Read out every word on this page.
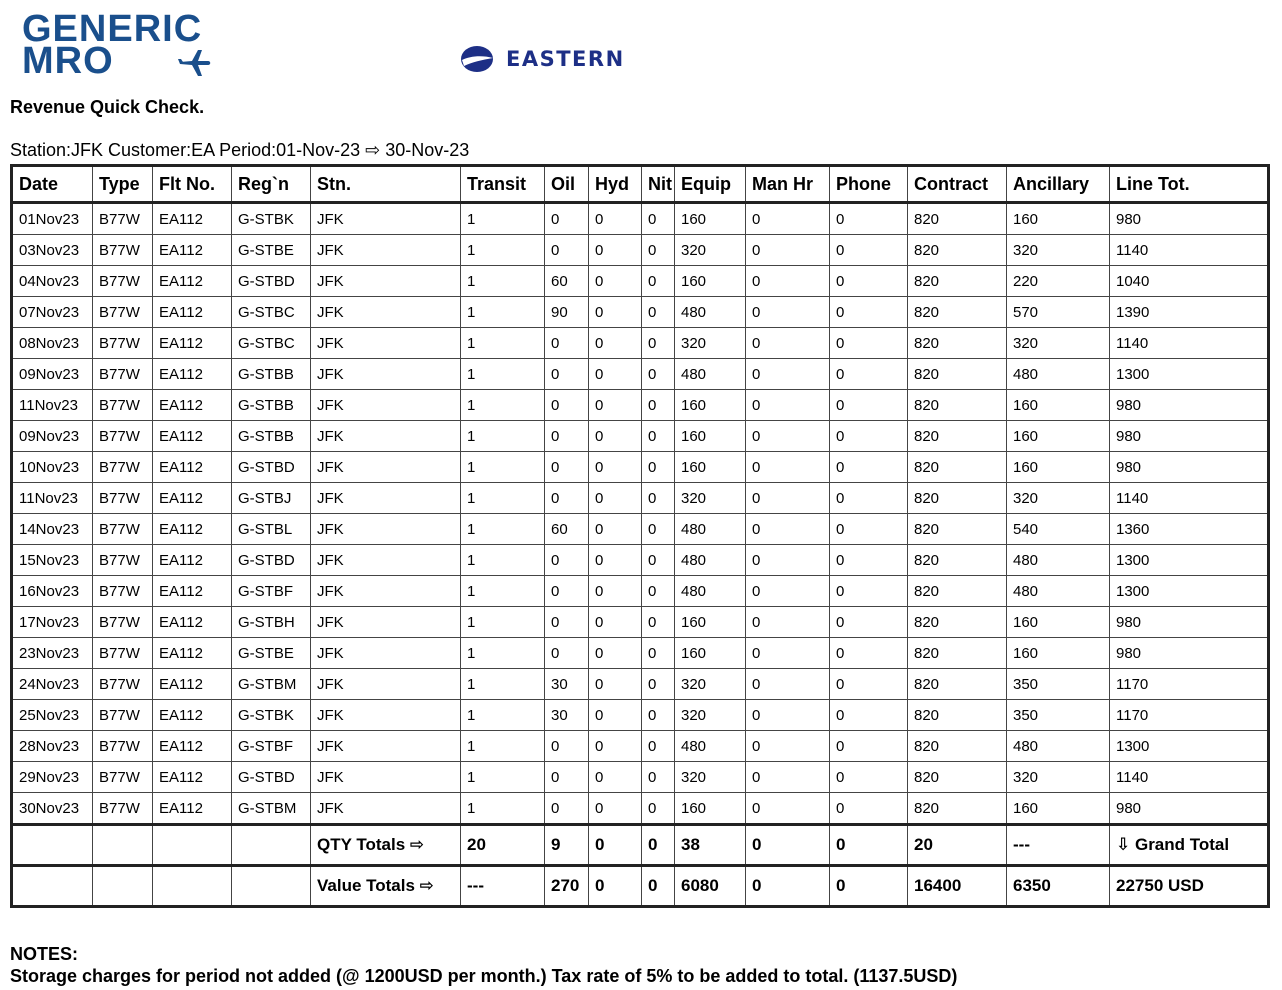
GENERIC
MRO	EASTERN
Revenue Quick Check.
Station:JFK Customer:EA Period:01-Nov-23 ⇨ 30-Nov-23
Date	Type	Flt No.	Reg`n	Stn.	Transit	Oil	Hyd	Nit	Equip	Man Hr	Phone	Contract	Ancillary	Line Tot.
01Nov23	B77W	EA112	G-STBK	JFK	1	0	0	0	160	0	0	820	160	980
03Nov23	B77W	EA112	G-STBE	JFK	1	0	0	0	320	0	0	820	320	1140
04Nov23	B77W	EA112	G-STBD	JFK	1	60	0	0	160	0	0	820	220	1040
07Nov23	B77W	EA112	G-STBC	JFK	1	90	0	0	480	0	0	820	570	1390
08Nov23	B77W	EA112	G-STBC	JFK	1	0	0	0	320	0	0	820	320	1140
09Nov23	B77W	EA112	G-STBB	JFK	1	0	0	0	480	0	0	820	480	1300
11Nov23	B77W	EA112	G-STBB	JFK	1	0	0	0	160	0	0	820	160	980
09Nov23	B77W	EA112	G-STBB	JFK	1	0	0	0	160	0	0	820	160	980
10Nov23	B77W	EA112	G-STBD	JFK	1	0	0	0	160	0	0	820	160	980
11Nov23	B77W	EA112	G-STBJ	JFK	1	0	0	0	320	0	0	820	320	1140
14Nov23	B77W	EA112	G-STBL	JFK	1	60	0	0	480	0	0	820	540	1360
15Nov23	B77W	EA112	G-STBD	JFK	1	0	0	0	480	0	0	820	480	1300
16Nov23	B77W	EA112	G-STBF	JFK	1	0	0	0	480	0	0	820	480	1300
17Nov23	B77W	EA112	G-STBH	JFK	1	0	0	0	160	0	0	820	160	980
23Nov23	B77W	EA112	G-STBE	JFK	1	0	0	0	160	0	0	820	160	980
24Nov23	B77W	EA112	G-STBM	JFK	1	30	0	0	320	0	0	820	350	1170
25Nov23	B77W	EA112	G-STBK	JFK	1	30	0	0	320	0	0	820	350	1170
28Nov23	B77W	EA112	G-STBF	JFK	1	0	0	0	480	0	0	820	480	1300
29Nov23	B77W	EA112	G-STBD	JFK	1	0	0	0	320	0	0	820	320	1140
30Nov23	B77W	EA112	G-STBM	JFK	1	0	0	0	160	0	0	820	160	980
				QTY Totals ⇨	20	9	0	0	38	0	0	20	---	⇩ Grand Total
				Value Totals ⇨	---	270	0	0	6080	0	0	16400	6350	22750 USD
NOTES:
Storage charges for period not added (@ 1200USD per month.) Tax rate of 5% to be added to total. (1137.5USD)
